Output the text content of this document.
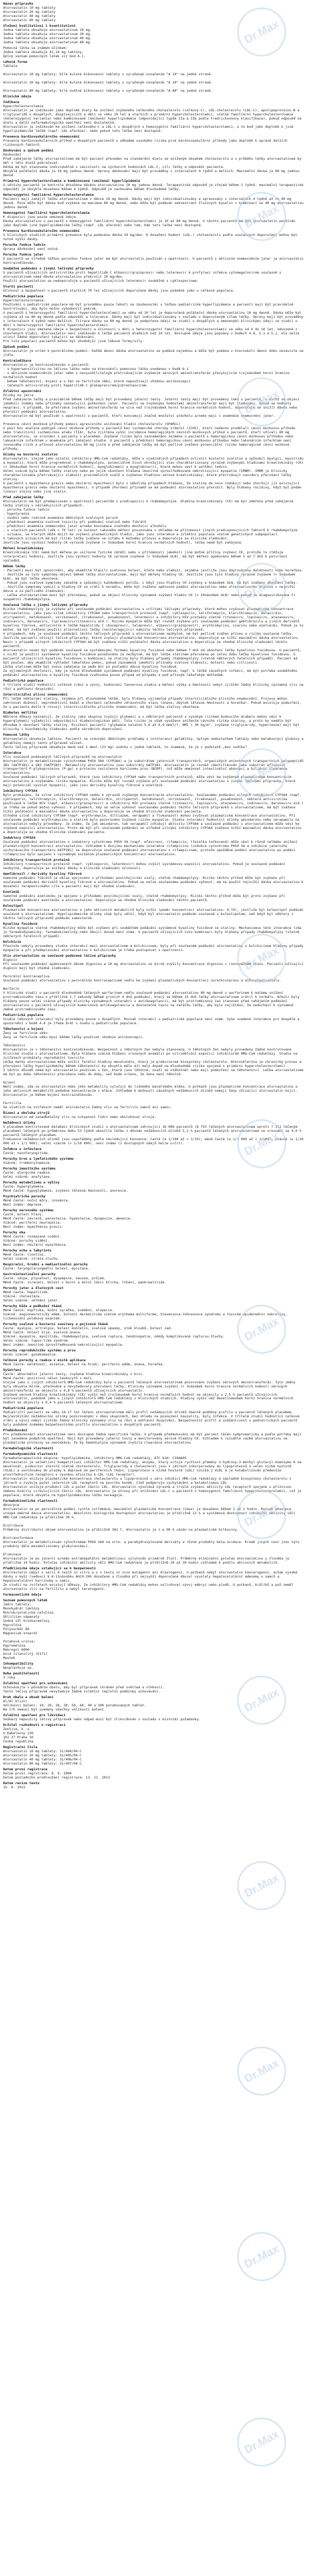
Název přípravku
Atorvastatin 10 mg tablety
Atorvastatin 20 mg tablety
Atorvastatin 40 mg tablety
Atorvastatin 80 mg tablety
Složení kvalitativní i kvantitativní
Jedna tableta obsahuje atorvastatinum 10 mg.
Jedna tableta obsahuje atorvastatinum 20 mg.
Jedna tableta obsahuje atorvastatinum 40 mg.
Jedna tableta obsahuje atorvastatinum 80 mg.
Pomocná látka se známým účinkem:
Jedna tableta obsahuje 41,16 mg laktózy.
Úplný seznam pomocných látek viz bod 6.1.
Léková forma
Tableta
Atorvastatin 10 mg tablety: bílé kulaté bikonvexní tablety s vyraženým označením "A 10" na jedné straně.
Atorvastatin 20 mg tablety: bílé kulaté bikonvexní tablety s vyraženým označením "A 20" na jedné straně.
Atorvastatin 80 mg tablety: bílé oválné bikonvexní tablety s vyraženým označením "A 80" na jedné straně.
Klinické údaje
Indikace
Hypercholesterolemie
Atorvastatin je indikován jako doplněk diety ke snížení zvýšeného celkového cholesterolu (celkový-C), LDL-cholesterolu (LDL-C), apolipoproteinu B a triglyceridů u dospělých, dospívajících a dětí ve věku 10 let a starších s primární hypercholesterolemií, včetně familiární hypercholesterolemie (heterozygotní varianta) nebo kombinované (smíšené) hyperlipidemie (odpovídající typům IIa a IIb podle Fredricksonovy klasifikace), pokud odpověď na dietu a další nefarmakologická opatření není dostatečná.
Atorvastatin je indikován ke snížení celkového-C a LDL-C u dospělých s homozygotní familiární hypercholesterolemií, a to buď jako doplněk k jiné hypolipidemické léčbě (např. LDL aferéze), nebo pokud tato léčba není dostupná.
Prevence kardiovaskulárního onemocnění
Prevence kardiovaskulárních příhod u dospělých pacientů s odhadem vysokého rizika prvé kardiovaskulární příhody jako doplněk k úpravě dalších rizikových faktorů.
Dávkování a způsob podání
Dávkování
Před zahájením léčby atorvastatinem má být pacient převeden na standardní dietu se sníženým obsahem cholesterolu a v průběhu léčby atorvastatinem by měl v této dietě pokračovat.
Dávka má být stanovena individuálně v závislosti na výchozích hodnotách LDL-C, cíli léčby a odpovědi pacienta.
Obvyklá počáteční dávka je 10 mg jednou denně. Úpravy dávkování mají být prováděny v intervalech 4 týdnů a delších. Maximální dávka je 80 mg jednou denně.
Primární hypercholesterolemie a kombinovaná (smíšená) hyperlipidemie
U většiny pacientů je kontrola dosažena dávkou atorvastatinu 10 mg jednou denně. Terapeutická odpověď je zřejmá během 2 týdnů, maximální terapeutické odpovědi je obvykle dosaženo během 4 týdnů. Odpověď je zachována během dlouhodobé léčby.
Heterozygotní familiární hypercholesterolemie
Pacienti mají zahájit léčbu atorvastatinem v dávce 10 mg denně. Dávky mají být individualizovány a upravovány v intervalech 4 týdnů až na 40 mg denně. Poté může být dávka buď zvýšena na maximum 80 mg denně, nebo může být podáván sekvestrant žlučových kyselin v kombinaci se 40 mg atorvastatinu jednou denně.
Homozygotní familiární hypercholesterolemie
K dispozici jsou pouze omezené údaje.
Dávka atorvastatinu u pacientů s homozygotní familiární hypercholesterolemií je 10 až 80 mg denně. U těchto pacientů má být atorvastatin používán jako doplněk jiné hypolipidemické léčby (např. LDL aferéze) nebo tam, kde tato léčba není dostupná.
Prevence kardiovaskulárního onemocnění
V klinických studiích primární prevence byla podávána dávka 10 mg/den. K dosažení hodnot (LDL-) cholesterolu podle současných doporučení mohou být nutné vyšší dávky.
Porucha funkce ledvin
Úprava dávkování není nutná.
Porucha funkce jater
U pacientů se středně těžkou poruchou funkce jater má být atorvastatin používán s opatrností. U pacientů s aktivním onemocněním jater je atorvastatin kontraindikován.
Souběžné podávání s jinými léčivými přípravky
U pacientů užívajících antivirotika proti hepatitidě C elbasvir/grazoprevir nebo letermovir k profylaxi infekce cytomegalovirem současně s atorvastatinem nemá dávka atorvastatinu překročit 20 mg/den.
Použití atorvastatinu se nedoporučuje u pacientů užívajících letermovir souběžně s cyklosporinem.
Starší pacienti
Účinnost a bezpečnost u pacientů starších 70 let užívajících doporučené dávky jsou podobné jako u celkové populace.
Pediatrická populace
Hypercholesterolemie:
Používání u pediatrické populace má být prováděno pouze lékaři se zkušenostmi s léčbou pediatrické hyperlipidemie a pacienti mají být pravidelně kontrolováni, aby bylo možno vyhodnotit pokrok.
U pacientů s heterozygotní familiární hypercholesterolemií ve věku od 10 let je doporučená počáteční dávka atorvastatinu 10 mg denně. Dávka může být zvýšena až na 80 mg denně podle odpovědi a tolerance. Dávky mají být individualizovány v souladu s doporučeným cílem léčby. Úpravy mají být prováděny v intervalech 4 týdnů nebo delších. Titrace dávky na 80 mg denně je podpořena údaji ze studií u dospělých a omezenými klinickými údaji ze studií u dětí s heterozygotní familiární hypercholesterolemií.
K dispozici jsou omezené údaje o bezpečnosti a účinnosti u dětí s heterozygotní familiární hypercholesterolemií ve věku od 6 do 10 let, odvozené z otevřených studií. Atorvastatin není indikován k léčbě pacientů mladších než 10 let. Dostupné údaje jsou popsány v bodech 4.8, 5.1 a 5.2, ale nelze učinit žádné doporučení týkající se dávkování.
Pro tuto populaci pacientů mohou být vhodnější jiné lékové formy/síly.
Způsob podání
Atorvastatin je určen k perorálnímu podání. Každá denní dávka atorvastatinu se podává najednou a může být podána v kteroukoli denní dobu nezávisle na jídle.
Kontraindikace
Atorvastatin je kontraindikován u pacientů:
- s hypersenzitivitou na léčivou látku nebo na kteroukoli pomocnou látku uvedenou v bodě 6.1
- s aktivním onemocněním jater nebo s nevysvětlitelným přetrvávajícím zvýšením sérových aminotransferáz převyšujícím trojnásobek horní hranice normálních hodnot
- během těhotenství, kojení a u žen ve fertilním věku, které nepoužívají vhodnou antikoncepci
- léčených antivirotiky proti hepatitidě C glekaprevirem/pibrentasvirem.
Zvláštní upozornění
Účinky na játra
Před zahájením léčby a pravidelně během léčby mají být provedeny jaterní testy. Jaterní testy mají být provedeny také u pacientů, u nichž se objeví jakékoli známky nebo příznaky naznačující poškození jater. Pacienti se zvýšenými hodnotami aminotransferáz mají být sledováni, dokud se hodnoty neupraví. V případě, že přetrvává zvýšení aminotransferáz na více než trojnásobek horní hranice normálních hodnot, doporučuje se snížit dávku nebo přerušit podávání atorvastatinu.
Atorvastatin má být používán s opatrností u pacientů, kteří konzumují značné množství alkoholu a/nebo mají v anamnéze onemocnění jater.
Prevence cévní mozkové příhody pomocí agresivního snižování hladin cholesterolu (SPARCL)
V post-hoc analýze podtypů cévní mozkové příhody u pacientů bez ischemické choroby srdeční (ICHS), kteří nedávno prodělali cévní mozkovou příhodu nebo tranzitorní ischemickou ataku (TIA), byla zjištěna vyšší incidence hemoragických cévních mozkových příhod u pacientů, kteří užívali 80 mg atorvastatinu, ve srovnání s pacienty s placebem. Zvýšené riziko bylo zaznamenáno zejména u pacientů s hemoragickou cévní mozkovou příhodou nebo lakunárním infarktem v anamnéze při zahájení studie. U pacientů s předchozí hemoragickou cévní mozkovou příhodou nebo lakunárním infarktem není rovnováha rizik a přínosů atorvastatinu 80 mg jistá a před zahájením léčby má být pečlivě zváženo potenciální riziko hemoragické cévní mozkové příhody.
Účinky na kosterní svalstvo
Atorvastatin, stejně jako ostatní inhibitory HMG-CoA reduktázy, může v ojedinělých případech ovlivnit kosterní svalstvo a způsobit myalgii, myozitidu a myopatii, která může progredovat v rhabdomyolýzu, potenciálně život ohrožující stav charakterizovaný výrazně zvýšenými hladinami kreatinkinázy (CK) (> 10násobek horní hranice normálních hodnot), myoglobinemií a myoglobinurií, které mohou vést k selhání ledvin.
Velmi vzácně byla během léčby statiny nebo po jejím ukončení hlášena imunitně zprostředkovaná nekrotizující myopatie (IMNM). IMNM je klinicky charakterizována přetrvávající slabostí proximálních svalů a zvýšenou hladinou sérové kreatinkinázy, které přetrvávají navzdory přerušení léčby statiny.
U pacientů s myasthenia gravis nebo okulární myasthenií bylo v několika případech hlášeno, že statiny de novo indukují nebo zhoršují již existující myasthenia gravis nebo okulární myasthenii. V případě zhoršení příznaků se má podávání atorvastatinu přerušit. Byly hlášeny recidivy, když byl podán (znovu) stejný nebo jiný statin.
Před zahájením léčby
Atorvastatin má být předepisován s opatrností pacientům s predispozicí k rhabdomyolýze. Hladina kreatinkinázy (CK) má být změřena před zahájením léčby statiny v následujících případech:
- porucha funkce ledvin
- hypotyreóza
- osobní nebo rodinná anamnéza dědičných svalových poruch
- předchozí anamnéza svalové toxicity při podávání statinů nebo fibrátů
- předchozí anamnéza onemocnění jater a/nebo konzumace značného množství alkoholu
- u starších pacientů (věk > 70 let) je nutnost takového měření posuzována s ohledem na přítomnost jiných predisponujících faktorů k rhabdomyolýze
- situace, ve kterých může dojít ke zvýšení plazmatických hladin, jako jsou interakce a zvláštní populace včetně genetických subpopulací.
V takových situacích má být riziko léčby zváženo ve vztahu k možnému přínosu a doporučuje se klinické sledování.
Jestliže jsou výchozí hodnoty CK výrazně zvýšené (> 5násobek horní hranice normálních hodnot), léčba nemá být zahájena.
Měření kreatinkinázy
Kreatinkináza (CK) nemá být měřena po usilovné fyzické zátěži nebo v přítomnosti jakékoli jiné možné příčiny zvýšení CK, protože to ztěžuje interpretaci hodnoty. Jestliže jsou výchozí hodnoty CK výrazně zvýšené (> 5násobek ULN), má být měření opakováno během 5 až 7 dnů k potvrzení výsledků.
Během léčby
- Pacienti musí být upozorněni, aby okamžitě hlásili svalovou bolest, křeče nebo slabost, zejména jestliže jsou doprovázeny malátností nebo horečkou.
- Jestliže se tyto symptomy objeví během léčby atorvastatinem, mají být měřeny hladiny CK. Jestliže jsou tyto hladiny výrazně zvýšené (> 5násobek ULN), má být léčba ukončena.
- Pokud jsou svalové symptomy závažné a způsobují každodenní potíže, i když jsou hladiny CK zvýšeny ≤ 5násobek ULN, má být zváženo ukončení léčby.
- Jestliže symptomy vymizí a hladiny CK se vrátí k normálu, může být zváženo opětovné podání atorvastatinu nebo alternativního statinu v nejnižší dávce a za pečlivého sledování.
- Léčba atorvastatinem musí být přerušena, pokud se objeví klinicky významné zvýšení hladin CK (> 10násobek ULN) nebo pokud je diagnostikována či suspektní rhabdomyolýza.
Současná léčba s jinými léčivými přípravky
Riziko rhabdomyolýzy je zvýšeno při současném podávání atorvastatinu s určitými léčivými přípravky, které mohou zvyšovat plazmatické koncentrace atorvastatinu, jako jsou silné inhibitory CYP3A4 nebo transportních proteinů (např. cyklosporin, telithromycin, klarithromycin, delavirdin, stiripentol, ketokonazol, vorikonazol, itrakonazol, posakonazol, letermovir a inhibitory HIV proteázy včetně ritonaviru, lopinaviru, atazanaviru, indinaviru, darunaviru, tipranaviru/ritonaviru atd.). Riziko myopatie může být rovněž zvýšeno při současném podávání gemfibrozilu a jiných derivátů kyseliny fibrové, antivirotik k léčbě hepatitidy C (boceprevir, telaprevir, elbasvir/grazoprevir), erythromycinu, niacinu nebo ezetimibu. Pokud je to možné, má být zváženo použití alternativní léčby (neinteragující) namísto těchto léčivých přípravků.
V případech, kdy je současné podávání těchto léčivých přípravků s atorvastatinem nezbytné, má být pečlivě zvážen přínos a riziko současné léčby. Jestliže pacienti užívají léčivé přípravky, které zvyšují plazmatické koncentrace atorvastatinu, doporučuje se nižší maximální dávka atorvastatinu. Navíc v případě silných inhibitorů CYP3A4 má být zvážena nižší počáteční dávka atorvastatinu a doporučuje se vhodné klinické sledování těchto pacientů.
Atorvastatin nesmí být podáván současně se systémovými formami kyseliny fusidové nebo během 7 dnů od ukončení léčby kyselinou fusidovou. U pacientů, u nichž je použití systémové kyseliny fusidové považováno za nezbytné, má být léčba statinem přerušena po celou dobu léčby kyselinou fusidovou. U pacientů užívajících kyselinu fusidovou v kombinaci se statiny byly hlášeny případy rhabdomyolýzy (včetně některých fatálních případů). Pacient má být poučen, aby okamžitě vyhledal lékařskou pomoc, pokud zaznamená jakékoli příznaky svalové slabosti, bolesti nebo citlivosti.
Léčba statinem může být znovu zahájena za sedm dní po poslední dávce kyseliny fusidové.
Za výjimečných okolností, kdy je nutné dlouhodobé systémové podávání kyseliny fusidové, např. k léčbě závažných infekcí, má být potřeba souběžného podávání atorvastatinu a kyseliny fusidové zvažována pouze případ od případu a pod přísným lékařským dohledem.
Pediatrická populace
V tříleté studii hodnotící celkové zrání a vývoj, hodnocení Tannerova stadia a měření výšky a hmotnosti nebyl zjištěn žádný klinicky významný vliv na růst a pohlavní dospívání.
Intersticiální plicní onemocnění
Při léčbě některými statiny, zejména při dlouhodobé léčbě, byly hlášeny výjimečné případy intersticiálního plicního onemocnění. Projevy mohou zahrnovat dušnost, neproduktivní kašel a zhoršení celkového zdravotního stavu (únava, úbytek tělesné hmotnosti a horečka). Pokud existuje podezření, že u pacienta došlo k rozvoji intersticiálního plicního onemocnění, má být léčba statiny ukončena.
Diabetes mellitus
Některé důkazy naznačují, že statiny jako skupina zvyšují glykemii a u některých pacientů s vysokým rizikem budoucího diabetu mohou vést k hyperglykemii vyžadující odpovídající diabetologickou péči. Toto riziko je však vyváženo snížením cévního rizika statiny, a proto by nemělo být důvodem k ukončení léčby statiny. Rizikoví pacienti (glykemie nalačno 5,6 až 6,9 mmol/l, BMI > 30 kg/m², zvýšené triglyceridy, hypertenze) mají být klinicky i biochemicky sledováni podle národních doporučení.
Pomocné látky
Atorvastatin obsahuje laktózu. Pacienti se vzácnými dědičnými problémy s intolerancí galaktózy, úplným nedostatkem laktázy nebo malabsorpcí glukózy a galaktózy nemají tento přípravek užívat.
Tento léčivý přípravek obsahuje méně než 1 mmol (23 mg) sodíku v jedné tabletě, to znamená, že je v podstatě „bez sodíku“.
Interakce
Vliv současně podávaných léčivých přípravků na atorvastatin
Atorvastatin je metabolizován cytochromem P450 3A4 (CYP3A4) a je substrátem jaterních transportérů, organických aniontových transportních polypeptidů 1B1 (OATP1B1) a 1B3 (OATP1B3). Metabolity atorvastatinu jsou substráty OATP1B1. Atorvastatin je rovněž identifikován jako substrát efluxních transportérů P-glykoproteinu (P-gp) a proteinu rezistence karcinomu prsu (BCRP), což může omezovat intestinální absorpci a biliární clearance atorvastatinu.
Současné podávání léčivých přípravků, které jsou inhibitory CYP3A4 nebo transportních proteinů, může vést ke zvýšeným plazmatickým koncentracím atorvastatinu a zvýšenému riziku myopatie. Riziko může být rovněž zvýšeno při současném podávání atorvastatinu s jinými léčivými přípravky, které mají potenciál vyvolat myopatii, jako jsou deriváty kyseliny fibrové a ezetimib.
Inhibitory CYP3A4
Bylo prokázáno, že silné inhibitory CYP3A4 vedou k výrazně zvýšeným koncentracím atorvastatinu. Současnému podávání silných inhibitorů CYP3A4 (např. cyklosporin, telithromycin, klarithromycin, delavirdin, stiripentol, ketokonazol, vorikonazol, itrakonazol, posakonazol, některá antivirotika používaná k léčbě HCV (např. elbasvir/grazoprevir) a inhibitory HIV proteázy včetně ritonaviru, lopinaviru, atazanaviru, indinaviru, darunaviru atd.) je třeba se pokud možno vyhnout. V případech, kdy se nelze vyhnout současnému podávání těchto léčivých přípravků s atorvastatinem, má být zvážena nižší počáteční a maximální dávka atorvastatinu a doporučuje se vhodné klinické sledování pacienta.
Středně silné inhibitory CYP3A4 (např. erythromycin, diltiazem, verapamil a flukonazol) mohou zvyšovat plazmatické koncentrace atorvastatinu. Při současném podávání erythromycinu a statinů bylo pozorováno zvýšené riziko myopatie. Studie interakcí hodnotící účinky amiodaronu nebo verapamilu na atorvastatin nebyly provedeny. Je známo, že jak amiodaron, tak verapamil inhibují aktivitu CYP3A4 a současné podávání s atorvastatinem může vést ke zvýšené expozici atorvastatinu. Proto má být při současném podávání se středně silnými inhibitory CYP3A4 zvážena nižší maximální dávka atorvastatinu a doporučuje se vhodné klinické sledování pacienta.
Induktory CYP3A4
Současné podávání atorvastatinu s induktory cytochromu P450 3A (např. efavirenz, rifampicin, třezalka tečkovaná) může vést k různě velkému snížení plazmatických koncentrací atorvastatinu. Vzhledem k dvojímu mechanismu interakce rifampicinu (indukce cytochromu P450 3A a inhibice jaterního vychytávacího transportéru OATP1B1) se doporučuje současné podávání atorvastatinu s rifampicinem, protože opožděné podání atorvastatinu po podání rifampicinu bylo spojeno s významným snížením plazmatických koncentrací atorvastatinu.
Inhibitory transportních proteinů
Inhibitory transportních proteinů (např. cyklosporin, letermovir) mohou zvýšit systémovou expozici atorvastatinu. Pokud je současné podávání nezbytné, doporučuje se snížení dávky a klinické sledování účinnosti.
Gemfibrozil / deriváty kyseliny fibrové
Samotné podávání fibrátů je občas spojováno s příhodami postihujícími svaly, včetně rhabdomyolýzy. Riziko těchto příhod může být zvýšeno při současném podávání derivátů kyseliny fibrové a atorvastatinu. Pokud se nelze současnému podávání vyhnout, má se použít nejnižší dávka atorvastatinu k dosažení terapeutického cíle a pacienti mají být vhodně sledováni.
Ezetimib
Samotné podávání ezetimibu je spojeno s příhodami postihujícími svaly, včetně rhabdomyolýzy. Riziko těchto příhod může být proto zvýšeno při současném podávání ezetimibu a atorvastatinu. Doporučuje se vhodné klinické sledování těchto pacientů.
Kolestipol
Plazmatické koncentrace atorvastatinu a jeho aktivních metabolitů byly nižší (poměr koncentrací atorvastatinu: 0,74), jestliže byl kolestipol podáván současně s atorvastatinem. Hypolipidemické účinky však byly větší, když byl atorvastatin podáván současně s kolestipolem, než když byl některý z těchto léčivých přípravků podáván samostatně.
Kyselina fusidová
Riziko myopatie včetně rhabdomyolýzy může být zvýšeno při souběžném podávání systémové kyseliny fusidové se statiny. Mechanismus této interakce (zda je farmakodynamický, farmakokinetický nebo obojí) dosud není znám. U pacientů užívajících tuto kombinaci byly hlášeny případy rhabdomyolýzy (včetně některých fatálních případů).
Kolchicin
Přestože nebyly provedeny studie interakcí mezi atorvastatinem a kolchicinem, byly při současném podávání atorvastatinu s kolchicinem hlášeny případy myopatie a při předepisování atorvastatinu s kolchicinem je třeba postupovat s opatrností.
Vliv atorvastatinu na současně podávané léčivé přípravky
Digoxin
Při současném podávání opakovaných dávek digoxinu a 10 mg atorvastatinu se mírně zvýšily koncentrace digoxinu v rovnovážném stavu. Pacienti užívající digoxin mají být vhodně sledováni.
Perorální kontraceptiva
Současné podávání atorvastatinu s perorálním kontraceptivem vedlo ke zvýšení plazmatických koncentrací norethisteronu a ethinylestradiolu.
Warfarin
V klinické studii u pacientů dlouhodobě léčených warfarinem vedlo současné podávání atorvastatinu 80 mg denně s warfarinem k malému snížení protrombinového času o přibližně 1,7 sekundy během prvních 4 dnů podávání, který se během 15 dnů léčby atorvastatinem vrátil k normálu. Ačkoli byly hlášeny pouze velmi vzácné případy klinicky významných interakcí s antikoagulancii, má být protrombinový čas stanoven před zahájením podávání atorvastatinu u pacientů užívajících kumarinová antikoagulancia a dostatečně často na začátku léčby, aby bylo zajištěno, že nedochází k významné změně protrombinového času.
Pediatrická populace
Studie lékových interakcí byly provedeny pouze u dospělých. Rozsah interakcí u pediatrické populace není znám. Výše uvedené interakce pro dospělé a upozornění v bodě 4.4 je třeba brát v úvahu u pediatrické populace.
Těhotenství a kojení
Ženy ve fertilním věku
Ženy ve fertilním věku musí během léčby používat vhodnou antikoncepci.
Těhotenství
Atorvastatin je v těhotenství kontraindikován. Bezpečnost u těhotných žen nebyla stanovena. U těhotných žen nebyly provedeny žádné kontrolované klinické studie s atorvastatinem. Byla hlášena vzácná hlášení vrozených anomálií po nitroděložní expozici inhibitorům HMG-CoA reduktázy. Studie na zvířatech prokázaly reprodukční toxicitu.
Léčba matky atorvastatinem může snížit fetální hladiny mevalonátu, který je prekurzorem biosyntézy cholesterolu. Ateroskleróza je chronický proces a přerušení léčby hypolipidemiky během těhotenství by obvykle mělo mít malý dopad na dlouhodobé riziko spojené s primární hypercholesterolemií.
Z těchto důvodů nemá být atorvastatin používán u žen, které jsou těhotné, snaží se otěhotnět nebo mají podezření na těhotenství. Léčba atorvastatinem má být po dobu těhotenství přerušena nebo do doby, než bude určeno, že žena není těhotná.
Kojení
Není známo, zda se atorvastatin nebo jeho metabolity vylučují do lidského mateřského mléka. U potkanů jsou plazmatické koncentrace atorvastatinu a jeho aktivních metabolitů podobné koncentracím v mléce. Vzhledem k možnosti závažných nežádoucích účinků nemají ženy užívající atorvastatin kojit. Atorvastatin je během kojení kontraindikován.
Fertilita
Ve studiích na zvířatech neměl atorvastatin žádný vliv na fertilitu samců ani samic.
Řízení a obsluha strojů
Atorvastatin má zanedbatelný vliv na schopnost řídit nebo obsluhovat stroje.
Nežádoucí účinky
V placebem kontrolované databázi klinických studií s atorvastatinem zahrnující 16 066 pacientů (8 755 léčených atorvastatinem oproti 7 311 léčeným placebem) léčených po průměrnou dobu 53 týdnů ukončilo léčbu z důvodu nežádoucích účinků 5,2 % pacientů léčených atorvastatinem ve srovnání se 4,0 % pacientů léčených placebem.
Frekvence nežádoucích účinků jsou uspořádány podle následující konvence: časté (≥ 1/100 až < 1/10); méně časté (≥ 1/1 000 až < 1/100); vzácné (≥ 1/10 000 až < 1/1 000); velmi vzácné (< 1/10 000), není známo (z dostupných údajů nelze určit).
Infekce a infestace
Časté: nazofaryngitida.
Poruchy krve a lymfatického systému
Vzácné: trombocytopenie.
Poruchy imunitního systému
Časté: alergické reakce.
Velmi vzácné: anafylaxe.
Poruchy metabolismu a výživy
Časté: hyperglykemie.
Méně časté: hypoglykemie, zvýšení tělesné hmotnosti, anorexie.
Psychiatrické poruchy
Méně časté: noční můry, insomnie.
Není známo: deprese.
Poruchy nervového systému
Časté: bolest hlavy.
Méně časté: závratě, parestezie, hypestezie, dysgeuzie, amnezie.
Vzácné: periferní neuropatie.
Není známo: myasthenia gravis.
Poruchy oka
Méně časté: rozmazané vidění.
Vzácné: poruchy vidění.
Není známo: okulární myasthenie.
Poruchy ucha a labyrintu
Méně časté: tinnitus.
Velmi vzácné: ztráta sluchu.
Respirační, hrudní a mediastinální poruchy
Časté: faryngolaryngeální bolest, epistaxe.
Gastrointestinální poruchy
Časté: zácpa, plynatost, dyspepsie, nauzea, průjem.
Méně časté: zvracení, bolest v horní a dolní části břicha, říhání, pankreatitida.
Poruchy jater a žlučových cest
Méně časté: hepatitida.
Vzácné: cholestáza.
Velmi vzácné: selhání jater.
Poruchy kůže a podkožní tkáně
Méně časté: kopřivka, kožní vyrážka, svědění, alopecie.
Vzácné: angioneurotický edém, bulózní dermatitida včetně erythema multiforme, Stevensova-Johnsonova syndromu a toxické epidermální nekrolýzy, lichenoidní polékový exantém.
Poruchy svalové a kosterní soustavy a pojivové tkáně
Časté: myalgie, artralgie, bolest končetin, svalové spasmy, otok kloubů, bolest zad.
Méně časté: bolest šíje, svalová únava.
Vzácné: myopatie, myozitida, rhabdomyolýza, svalová ruptura, tendinopatie, někdy komplikovaná rupturou šlachy.
Velmi vzácné: lupus-like syndrom.
Není známo: imunitně zprostředkovaná nekrotizující myopatie.
Poruchy reprodukčního systému a prsu
Velmi vzácné: gynekomastie.
Celkové poruchy a reakce v místě aplikace
Méně časté: malátnost, astenie, bolest na hrudi, periferní edém, únava, horečka.
Vyšetření
Časté: abnormální jaterní testy, zvýšená hladina kreatinkinázy v krvi.
Méně časté: pozitivní nález leukocytů v moči.
Stejně jako u jiných inhibitorů HMG-CoA reduktázy bylo u pacientů léčených atorvastatinem pozorováno zvýšení sérových aminotransferáz. Tyto změny byly obvykle mírné, přechodné a nevyžadovaly přerušení léčby. Klinicky významné zvýšení (> 3násobek horní hranice normálních hodnot) sérových aminotransferáz se objevilo u 0,8 % pacientů užívajících atorvastatin.
Zvýšené sérové hladiny kreatinkinázy (CK) vyšší než trojnásobek horní hranice normálních hodnot se objevily u 2,5 % pacientů užívajících atorvastatin, podobně jako u jiných inhibitorů HMG-CoA reduktázy v klinických studiích. Hladiny vyšší než desetinásobek horní hranice normálních hodnot se objevily u 0,4 % pacientů léčených atorvastatinem.
Pediatrická populace
Pediatričtí pacienti ve věku 10-17 let léčení atorvastatinem měli profil nežádoucích účinků obecně podobný profilu u pacientů léčených placebem. Nejčastějšími nežádoucími účinky pozorovanými v obou skupinách, bez ohledu na posouzení kauzality, byly infekce. V tříleté studii hodnotící celkové zrání a vývoj nebyl zjištěn žádný klinicky významný vliv na růst a pohlavní dospívání. Bezpečnostní profil a snášenlivost u pediatrických pacientů byly podobné známému bezpečnostnímu profilu atorvastatinu u dospělých pacientů.
Předávkování
Pro předávkování atorvastatinem není dostupná žádná specifická léčba. V případě předávkování má být pacient léčen symptomaticky a podle potřeby mají být zavedena podpůrná opatření. Mají být provedeny jaterní testy a monitorovány sérové hladiny CK. Vzhledem k rozsáhlé vazbě atorvastatinu na plazmatické proteiny se neočekává, že by hemodialýza významně zvýšila clearance atorvastatinu.
Farmakologické vlastnosti
Farmakodynamické vlastnosti
Farmakoterapeutická skupina: hypolipidemika, inhibitory HMG-CoA reduktázy, ATC kód: C10AA05
Atorvastatin je selektivní kompetitivní inhibitor HMG-CoA reduktázy, enzymu, který určuje rychlost přeměny 3-hydroxy-3-methyl-glutaryl-koenzymu A na mevalonát, prekurzor sterolů včetně cholesterolu. Triglyceridy a cholesterol jsou v játrech inkorporovány do lipoproteinů o velmi nízké hustotě (VLDL) a uvolňovány do plazmy k dopravě do periferních tkání. Lipoprotein o nízké hustotě (LDL) vzniká z VLDL a je katabolizován především prostřednictvím receptoru s vysokou afinitou k LDL (LDL receptor).
Atorvastatin snižuje plazmatické koncentrace cholesterolu a lipoproteinů v séru inhibicí HMG-CoA reduktázy a následně biosyntézy cholesterolu v játrech a zvyšuje počet jaterních LDL receptorů na povrchu buněk, čímž podporuje vychytávání a katabolismus LDL.
Atorvastatin snižuje produkci LDL a počet částic LDL. Atorvastatin vyvolává výrazné a trvalé zvýšení aktivity LDL receptorů spojené s příznivou změnou kvality cirkulujících částic LDL. Atorvastatin je účinný při snižování LDL-C u pacientů s homozygotní familiární hypercholesterolemií, což je populace, která obvykle na hypolipidemickou léčbu nereaguje.
Farmakokinetické vlastnosti
Absorpce
Atorvastatin se po perorálním podání rychle vstřebává; maximální plazmatické koncentrace (Cmax) je dosaženo během 1 až 2 hodin. Rozsah absorpce stoupá úměrně dávce atorvastatinu. Absolutní biologická dostupnost atorvastatinu je přibližně 12 % a systémová dostupnost inhibiční aktivity vůči HMG-CoA reduktáze je přibližně 30 %.
Distribuce
Průměrný distribuční objem atorvastatinu je přibližně 381 l. Atorvastatin je z ≥ 98 % vázán na plazmatické bílkoviny.
Biotransformace
Atorvastatin je metabolizován cytochromem P450 3A4 na orto- a parahydroxylované deriváty a různé produkty beta-oxidace. Kromě jiných cest jsou tyto produkty dále metabolizovány glukuronidací.
Eliminace
Atorvastatin je po jaterní a/nebo extrahepatální metabolizaci vylučován primárně žlučí. Průměrný eliminační poločas atorvastatinu u člověka je přibližně 14 hodin. Poločas inhibiční aktivity vůči HMG-CoA reduktáze je přibližně 20 až 30 hodin vzhledem k podílu aktivních metabolitů.
Předklinické údaje vztahující se k bezpečnosti
Atorvastatin nebyl v sérii 4 testů in vitro a v 1 testu in vivo mutagenní ani klastogenní. U potkanů nebyl atorvastatin kancerogenní, avšak vysoké dávky u myší (vedoucí k 6-11násobku AUC0-24h dosažené u člověka při nejvyšší doporučené dávce) vyvolaly hepatocelulární adenomy u samců a hepatocelulární karcinomy u samic.
Ze studií na zvířatech existují důkazy, že inhibitory HMG-CoA reduktázy mohou ovlivňovat vývoj embryí nebo plodů. U potkanů, králíků a psů neměl atorvastatin vliv na fertilitu a nebyl teratogenní.
Farmaceutické údaje
Seznam pomocných látek
Jádro tablety:
Monohydrát laktózy
Mikrokrystalická celulóza
Uhličitan vápenatý
Sodná sůl kroskarmelózy
Hyprolóza
Polysorbát 80
Magnesium-stearát
Potahová vrstva:
Hypromelóza
Makrogol 6000
Oxid titaničitý (E171)
Mastek
Inkompatibility
Neuplatňuje se.
Doba použitelnosti
3 roky
Zvláštní opatření pro uchovávání
Uchovávejte v původním obalu, aby byl přípravek chráněn před světlem a vlhkostí.
Tento léčivý přípravek nevyžaduje žádné zvláštní teplotní podmínky uchovávání.
Druh obalu a obsah balení
Al/Al blistr.
Velikosti balení: 10, 20, 28, 30, 50, 60, 90 a 100 potahovaných tablet.
Na trh nemusí být uvedeny všechny velikosti balení.
Zvláštní opatření pro likvidaci
Veškerý nepoužitý léčivý přípravek nebo odpad musí být zlikvidován v souladu s místními požadavky.
Držitel rozhodnutí o registraci
Zentiva, k. s.
U Kabelovny 130
102 37 Praha 10
Česká republika
Registrační čísla
Atorvastatin 10 mg tablety: 31/404/04-C
Atorvastatin 20 mg tablety: 31/405/04-C
Atorvastatin 40 mg tablety: 31/406/04-C
Atorvastatin 80 mg tablety: 31/407/04-C
Datum první registrace
Datum první registrace: 8. 9. 2004
Datum posledního prodloužení registrace: 13. 11. 2013
Datum revize textu
15. 9. 2023
Dr.Max
Dr.Max
Dr.Max
Dr.Max
Dr.Max
Dr.Max
Dr.Max
Dr.Max
Dr.Max
Dr.Max
Dr.Max
Dr.Max
Dr.Max
Dr.Max
